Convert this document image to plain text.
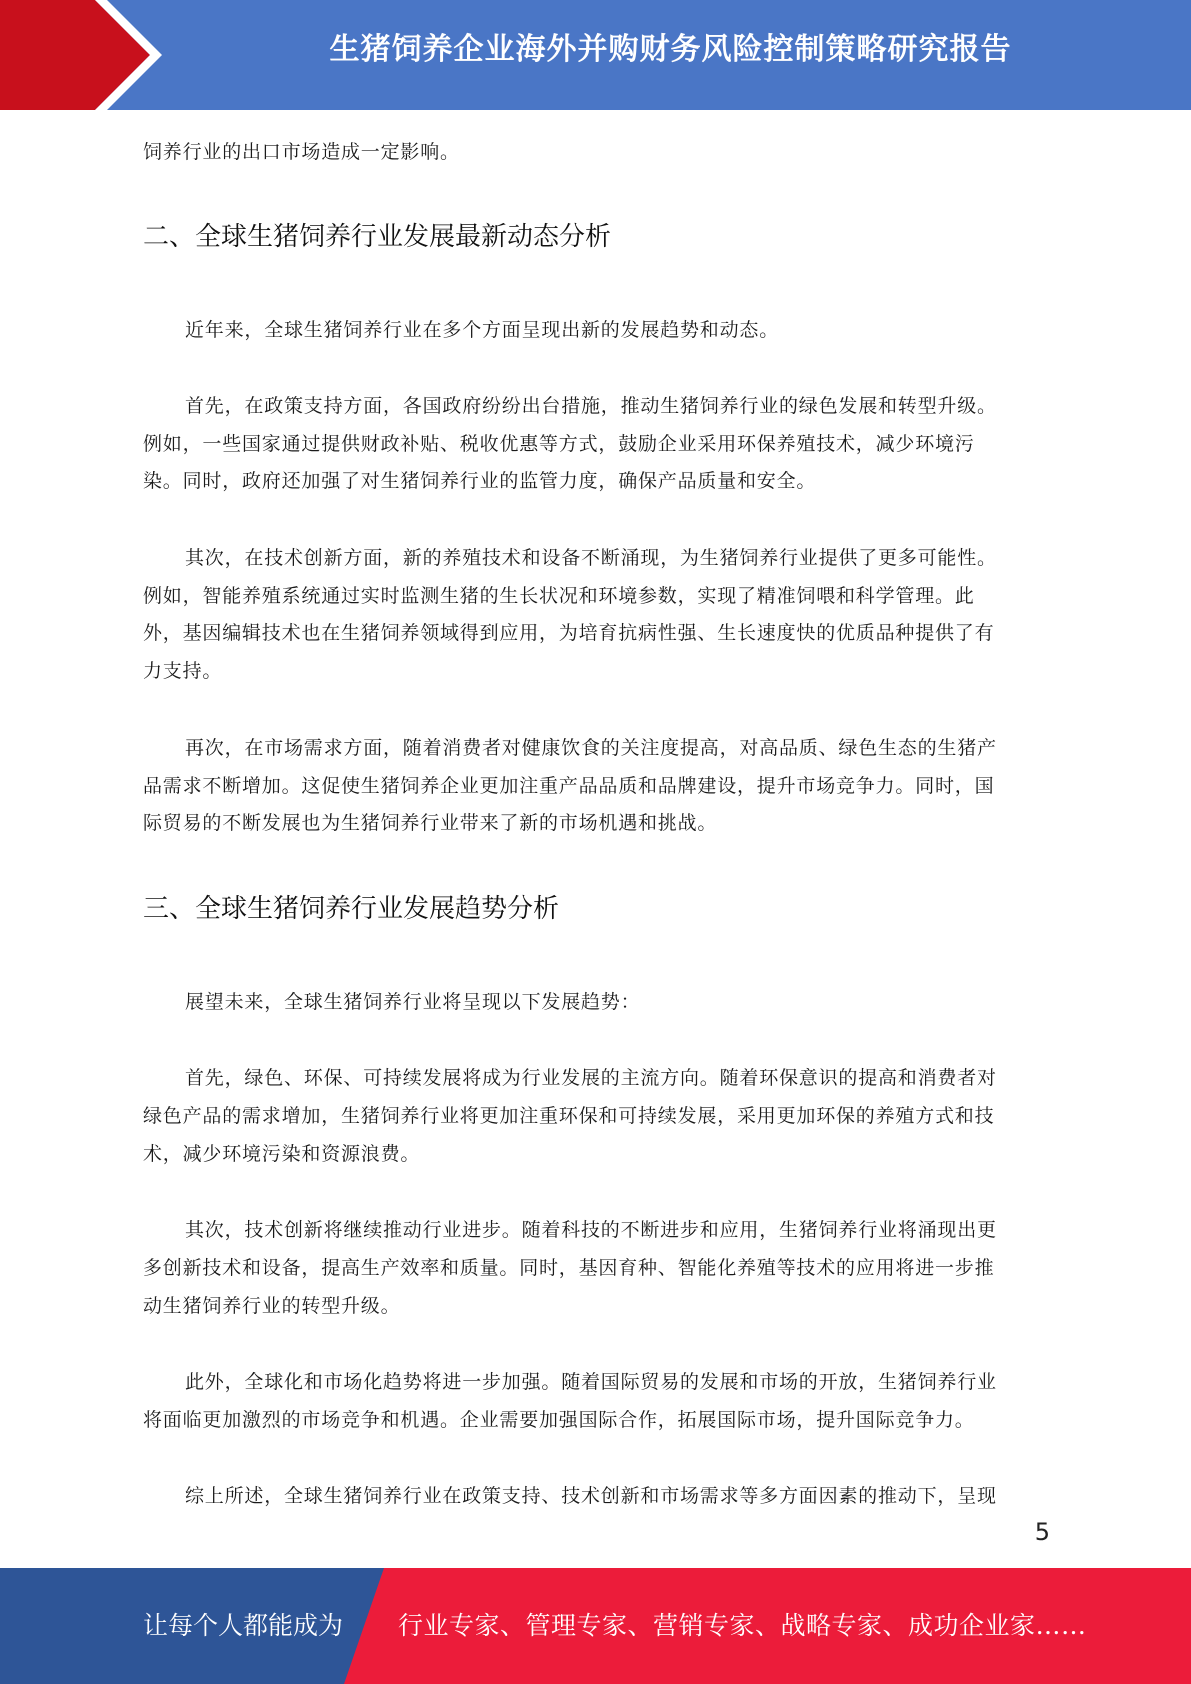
生猪饲养企业海外并购财务风险控制策略研究报告
饲养行业的出口市场造成一定影响。
二、全球生猪饲养行业发展最新动态分析
近年来，全球生猪饲养行业在多个方面呈现出新的发展趋势和动态。
首先，在政策支持方面，各国政府纷纷出台措施，推动生猪饲养行业的绿色发展和转型升级。
例如，一些国家通过提供财政补贴、税收优惠等方式，鼓励企业采用环保养殖技术，减少环境污
染。同时，政府还加强了对生猪饲养行业的监管力度，确保产品质量和安全。
其次，在技术创新方面，新的养殖技术和设备不断涌现，为生猪饲养行业提供了更多可能性。
例如，智能养殖系统通过实时监测生猪的生长状况和环境参数，实现了精准饲喂和科学管理。此
外，基因编辑技术也在生猪饲养领域得到应用，为培育抗病性强、生长速度快的优质品种提供了有
力支持。
再次，在市场需求方面，随着消费者对健康饮食的关注度提高，对高品质、绿色生态的生猪产
品需求不断增加。这促使生猪饲养企业更加注重产品品质和品牌建设，提升市场竞争力。同时，国
际贸易的不断发展也为生猪饲养行业带来了新的市场机遇和挑战。
三、全球生猪饲养行业发展趋势分析
展望未来，全球生猪饲养行业将呈现以下发展趋势：
首先，绿色、环保、可持续发展将成为行业发展的主流方向。随着环保意识的提高和消费者对
绿色产品的需求增加，生猪饲养行业将更加注重环保和可持续发展，采用更加环保的养殖方式和技
术，减少环境污染和资源浪费。
其次，技术创新将继续推动行业进步。随着科技的不断进步和应用，生猪饲养行业将涌现出更
多创新技术和设备，提高生产效率和质量。同时，基因育种、智能化养殖等技术的应用将进一步推
动生猪饲养行业的转型升级。
此外，全球化和市场化趋势将进一步加强。随着国际贸易的发展和市场的开放，生猪饲养行业
将面临更加激烈的市场竞争和机遇。企业需要加强国际合作，拓展国际市场，提升国际竞争力。
综上所述，全球生猪饲养行业在政策支持、技术创新和市场需求等多方面因素的推动下，呈现
5
让每个人都能成为 行业专家、管理专家、营销专家、战略专家、成功企业家……
